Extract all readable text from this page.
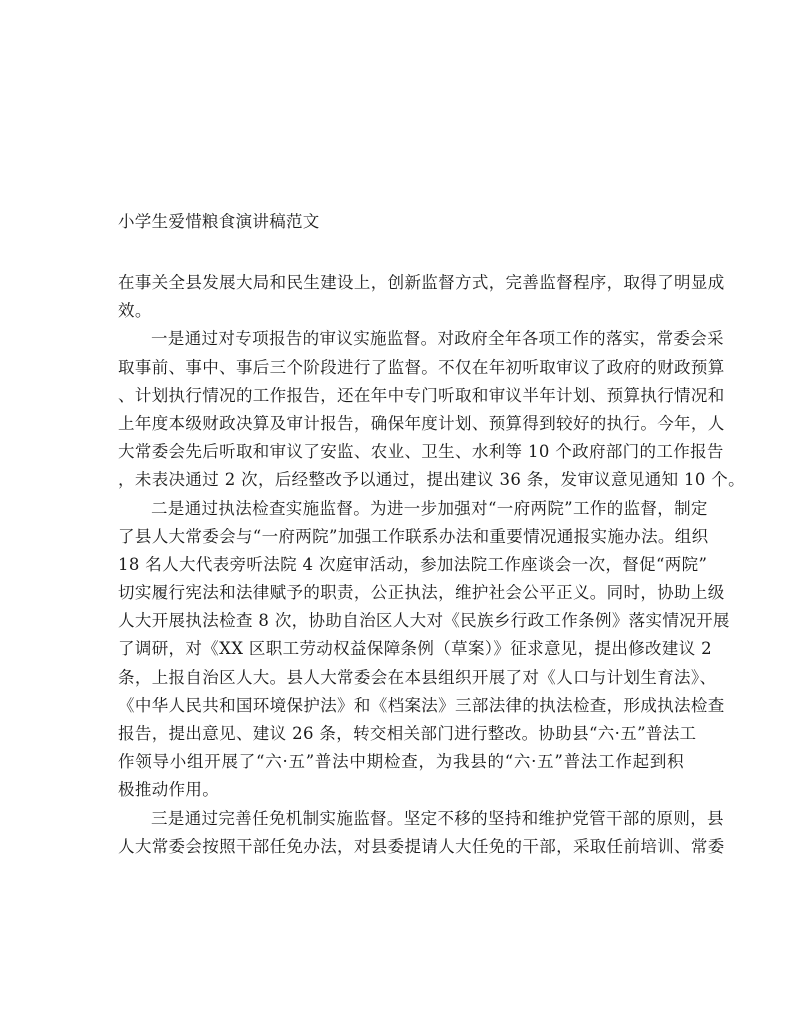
小学生爱惜粮食演讲稿范文
在事关全县发展大局和民生建设上，创新监督方式，完善监督程序，取得了明显成
效。
一是通过对专项报告的审议实施监督。对政府全年各项工作的落实，常委会采
取事前、事中、事后三个阶段进行了监督。不仅在年初听取审议了政府的财政预算
、计划执行情况的工作报告，还在年中专门听取和审议半年计划、预算执行情况和
上年度本级财政决算及审计报告，确保年度计划、预算得到较好的执行。今年，人
大常委会先后听取和审议了安监、农业、卫生、水利等 10 个政府部门的工作报告
，未表决通过 2 次，后经整改予以通过，提出建议 36 条，发审议意见通知 10 个。
二是通过执法检查实施监督。为进一步加强对“一府两院”工作的监督，制定
了县人大常委会与“一府两院”加强工作联系办法和重要情况通报实施办法。组织
18 名人大代表旁听法院 4 次庭审活动，参加法院工作座谈会一次，督促“两院”
切实履行宪法和法律赋予的职责，公正执法，维护社会公平正义。同时，协助上级
人大开展执法检查 8 次，协助自治区人大对《民族乡行政工作条例》落实情况开展
了调研，对《XX 区职工劳动权益保障条例（草案）》征求意见，提出修改建议 2
条，上报自治区人大。县人大常委会在本县组织开展了对《人口与计划生育法》、
《中华人民共和国环境保护法》和《档案法》三部法律的执法检查，形成执法检查
报告，提出意见、建议 26 条，转交相关部门进行整改。协助县“六·五”普法工
作领导小组开展了“六·五”普法中期检查，为我县的“六·五”普法工作起到积
极推动作用。
三是通过完善任免机制实施监督。坚定不移的坚持和维护党管干部的原则，县
人大常委会按照干部任免办法，对县委提请人大任免的干部，采取任前培训、常委
